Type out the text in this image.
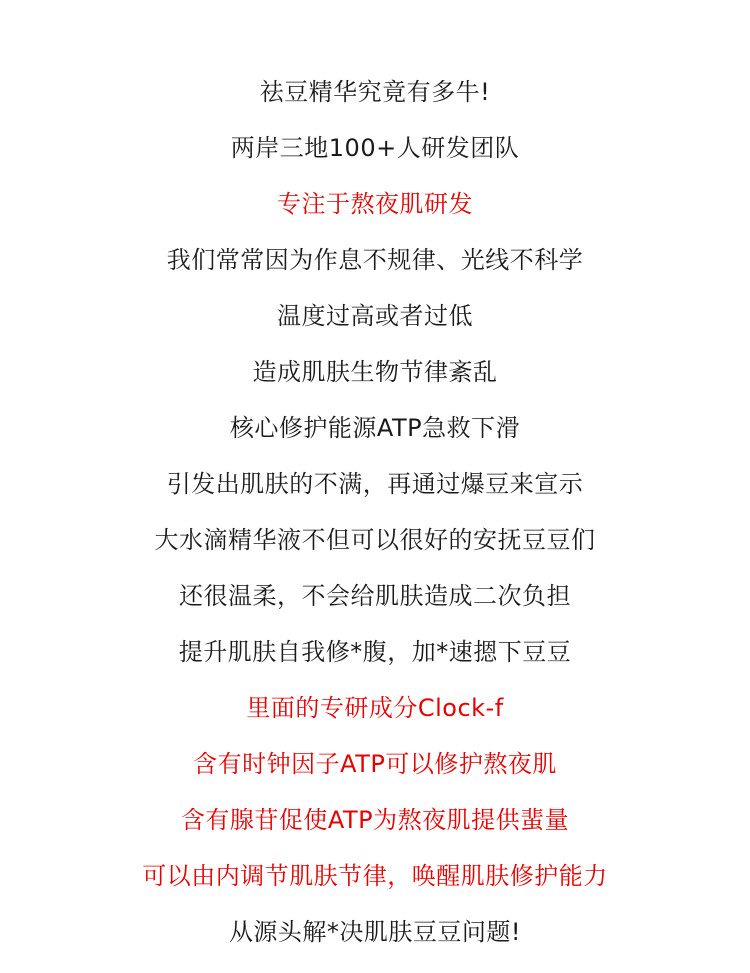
祛豆精华究竟有多牛!
两岸三地100+人研发团队
专注于熬夜肌研发
我们常常因为作息不规律、光线不科学
温度过高或者过低
造成肌肤生物节律紊乱
核心修护能源ATP急救下滑
引发出肌肤的不满，再通过爆豆来宣示
大水滴精华液不但可以很好的安抚豆豆们
还很温柔，不会给肌肤造成二次负担
提升肌肤自我修*腹，加*速摁下豆豆
里面的专研成分Clock-f
含有时钟因子ATP可以修护熬夜肌
含有腺苷促使ATP为熬夜肌提供蜚量
可以由内调节肌肤节律，唤醒肌肤修护能力
从源头解*决肌肤豆豆问题!
